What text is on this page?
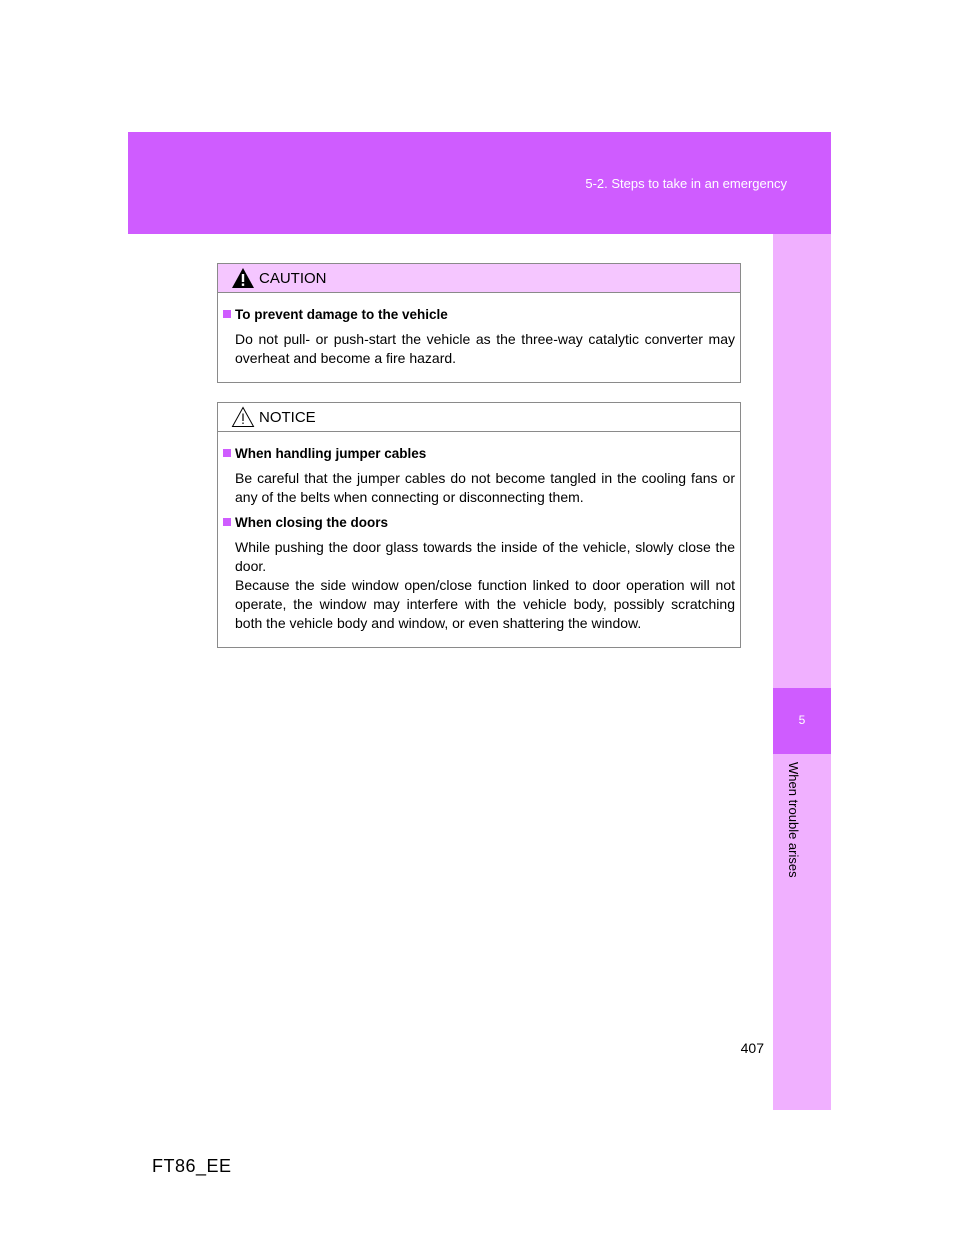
5-2. Steps to take in an emergency
5
When trouble arises
CAUTION
To prevent damage to the vehicle

Do not pull- or push-start the vehicle as the three-way catalytic converter may overheat and become a fire hazard.

NOTICE
When handling jumper cables

Be careful that the jumper cables do not become tangled in the cooling fans or any of the belts when connecting or disconnecting them.

When closing the doors

While pushing the door glass towards the inside of the vehicle, slowly close the door.

Because the side window open/close function linked to door operation will not operate, the window may interfere with the vehicle body, possibly scratching both the vehicle body and window, or even shattering the window.

407
FT86_EE
